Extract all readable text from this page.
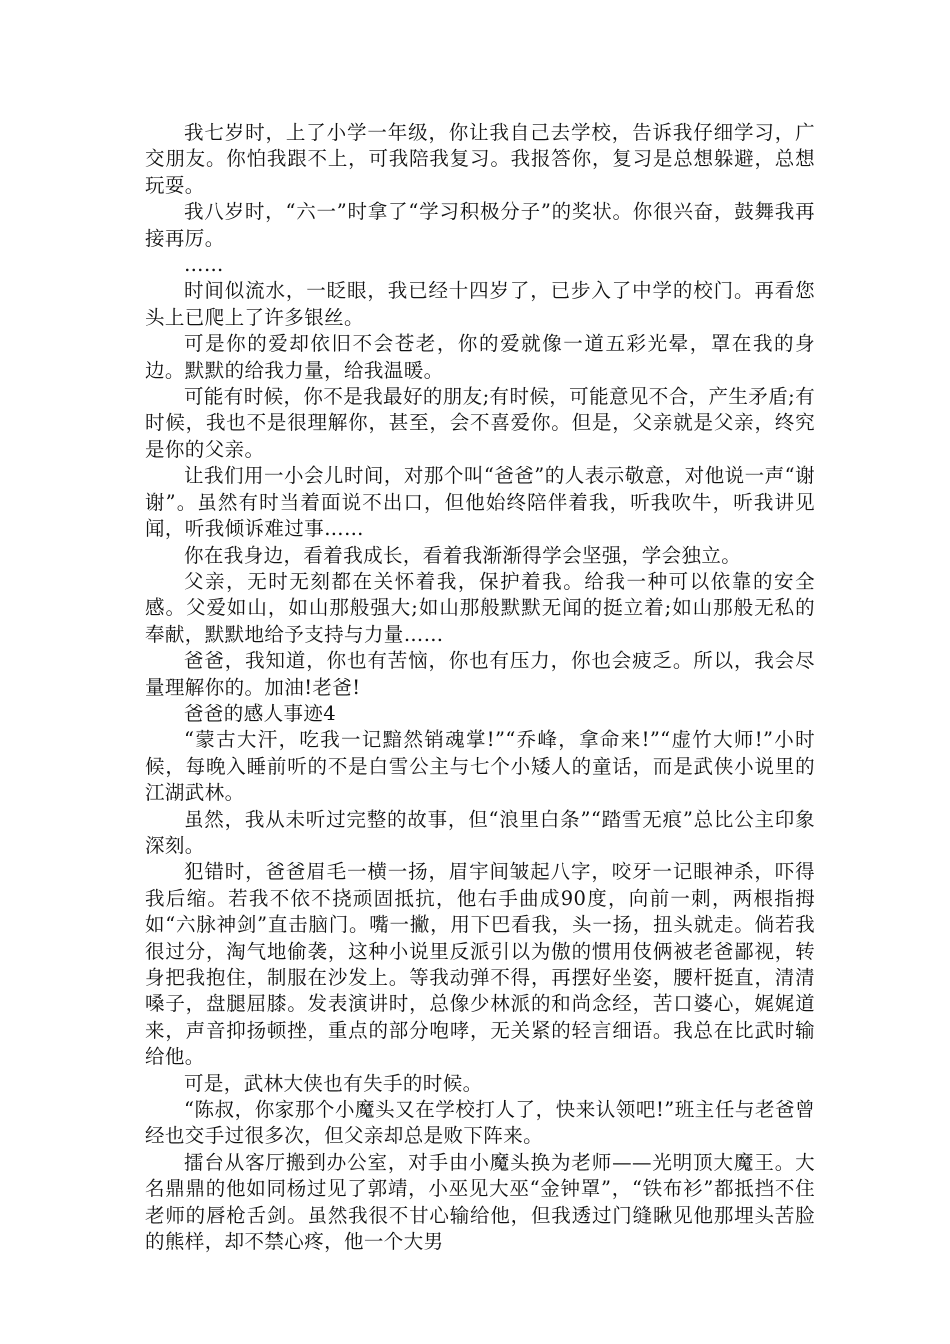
我七岁时，上了小学一年级，你让我自己去学校，告诉我仔细学习，广交朋友。你怕我跟不上，可我陪我复习。我报答你，复习是总想躲避，总想玩耍。

我八岁时，“六一”时拿了“学习积极分子”的奖状。你很兴奋，鼓舞我再接再厉。

……

时间似流水，一眨眼，我已经十四岁了，已步入了中学的校门。再看您头上已爬上了许多银丝。

可是你的爱却依旧不会苍老，你的爱就像一道五彩光晕，罩在我的身边。默默的给我力量，给我温暖。

可能有时候，你不是我最好的朋友;有时候，可能意见不合，产生矛盾;有时候，我也不是很理解你，甚至，会不喜爱你。但是，父亲就是父亲，终究是你的父亲。

让我们用一小会儿时间，对那个叫“爸爸”的人表示敬意，对他说一声“谢谢”。虽然有时当着面说不出口，但他始终陪伴着我，听我吹牛，听我讲见闻，听我倾诉难过事……

你在我身边，看着我成长，看着我渐渐得学会坚强，学会独立。

父亲，无时无刻都在关怀着我，保护着我。给我一种可以依靠的安全感。父爱如山，如山那般强大;如山那般默默无闻的挺立着;如山那般无私的奉献，默默地给予支持与力量……

爸爸，我知道，你也有苦恼，你也有压力，你也会疲乏。所以，我会尽量理解你的。加油!老爸!

爸爸的感人事迹4

“蒙古大汗，吃我一记黯然销魂掌!”“乔峰，拿命来!”“虚竹大师!”小时候，每晚入睡前听的不是白雪公主与七个小矮人的童话，而是武侠小说里的江湖武林。

虽然，我从未听过完整的故事，但“浪里白条”“踏雪无痕”总比公主印象深刻。

犯错时，爸爸眉毛一横一扬，眉宇间皱起八字，咬牙一记眼神杀，吓得我后缩。若我不依不挠顽固抵抗，他右手曲成90度，向前一刺，两根指拇如“六脉神剑”直击脑门。嘴一撇，用下巴看我，头一扬，扭头就走。倘若我很过分，淘气地偷袭，这种小说里反派引以为傲的惯用伎俩被老爸鄙视，转身把我抱住，制服在沙发上。等我动弹不得，再摆好坐姿，腰杆挺直，清清嗓子，盘腿屈膝。发表演讲时，总像少林派的和尚念经，苦口婆心，娓娓道来，声音抑扬顿挫，重点的部分咆哮，无关紧的轻言细语。我总在比武时输给他。

可是，武林大侠也有失手的时候。

“陈叔，你家那个小魔头又在学校打人了，快来认领吧!”班主任与老爸曾经也交手过很多次，但父亲却总是败下阵来。

擂台从客厅搬到办公室，对手由小魔头换为老师——光明顶大魔王。大名鼎鼎的他如同杨过见了郭靖，小巫见大巫“金钟罩”，“铁布衫”都抵挡不住老师的唇枪舌剑。虽然我很不甘心输给他，但我透过门缝瞅见他那埋头苦脸的熊样，却不禁心疼，他一个大男
